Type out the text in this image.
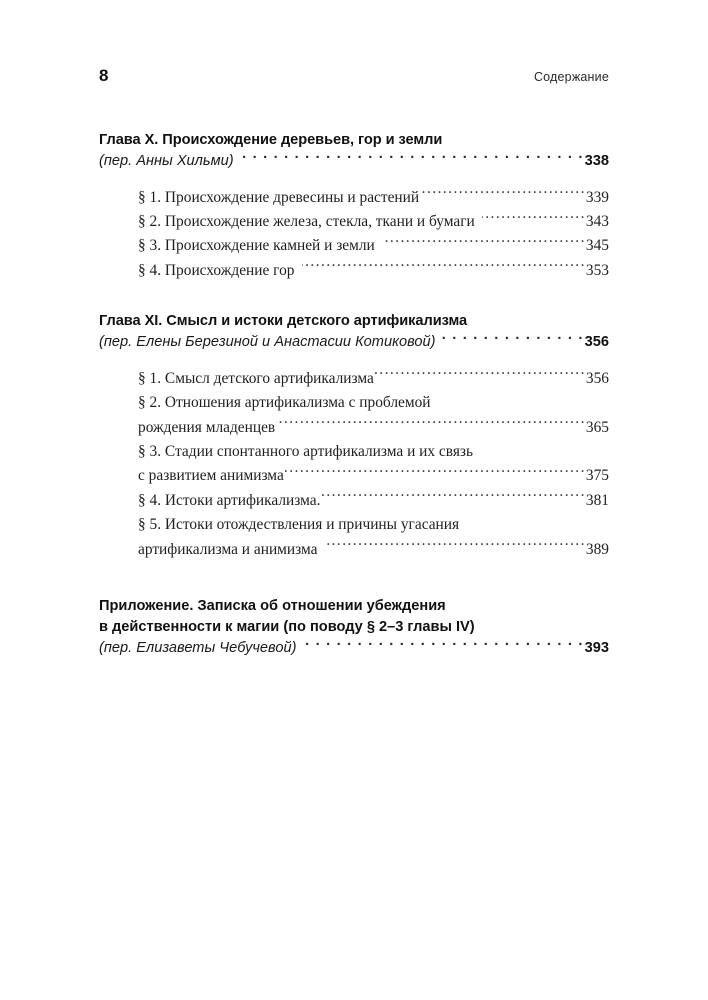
8	Содержание
Глава X. Происхождение деревьев, гор и земли
(пер. Анны Хильми) . . .	338
§ 1. Происхождение древесины и растений .....	339
§ 2. Происхождение железа, стекла, ткани и бумаги .....	343
§ 3. Происхождение камней и земли .....	345
§ 4. Происхождение гор .....	353
Глава XI. Смысл и истоки детского артификализма
(пер. Елены Березиной и Анастасии Котиковой) . . .	356
§ 1. Смысл детского артификализма .....	356
§ 2. Отношения артификализма с проблемой
рождения младенцев .....	365
§ 3. Стадии спонтанного артификализма и их связь
с развитием анимизма .....	375
§ 4. Истоки артификализма. .....	381
§ 5. Истоки отождествления и причины угасания
артификализма и анимизма .....	389
Приложение. Записка об отношении убеждения
в действенности к магии (по поводу § 2–3 главы IV)
(пер. Елизаветы Чебучевой) . . .	393
